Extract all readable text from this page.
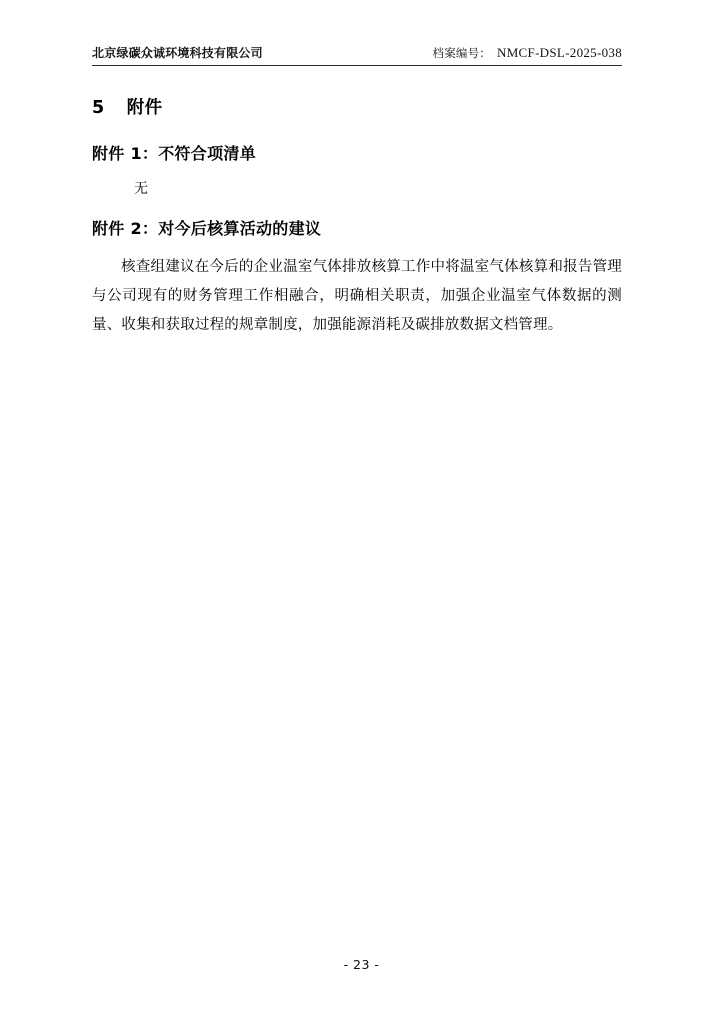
北京绿碳众诚环境科技有限公司	档案编号： NMCF-DSL-2025-038
5 附件
附件 1：不符合项清单

无

附件 2：对今后核算活动的建议

核查组建议在今后的企业温室气体排放核算工作中将温室气体核算和报告管理与公司现有的财务管理工作相融合，明确相关职责，加强企业温室气体数据的测量、收集和获取过程的规章制度，加强能源消耗及碳排放数据文档管理。

- 23 -
